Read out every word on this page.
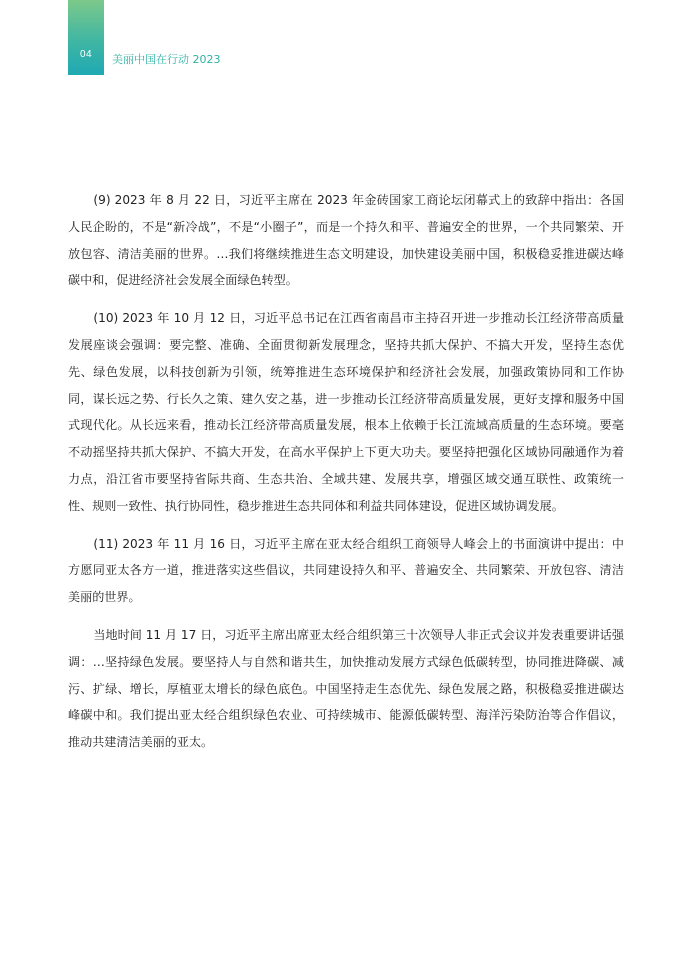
04	美丽中国在行动 2023

(9) 2023 年 8 月 22 日，习近平主席在 2023 年金砖国家工商论坛闭幕式上的致辞中指出：各国人民企盼的，不是“新冷战”，不是“小圈子”，而是一个持久和平、普遍安全的世界，一个共同繁荣、开放包容、清洁美丽的世界。…我们将继续推进生态文明建设，加快建设美丽中国，积极稳妥推进碳达峰碳中和，促进经济社会发展全面绿色转型。

(10) 2023 年 10 月 12 日，习近平总书记在江西省南昌市主持召开进一步推动长江经济带高质量发展座谈会强调：要完整、准确、全面贯彻新发展理念，坚持共抓大保护、不搞大开发，坚持生态优先、绿色发展，以科技创新为引领，统筹推进生态环境保护和经济社会发展，加强政策协同和工作协同，谋长远之势、行长久之策、建久安之基，进一步推动长江经济带高质量发展，更好支撑和服务中国式现代化。从长远来看，推动长江经济带高质量发展，根本上依赖于长江流域高质量的生态环境。要毫不动摇坚持共抓大保护、不搞大开发，在高水平保护上下更大功夫。要坚持把强化区域协同融通作为着力点，沿江省市要坚持省际共商、生态共治、全域共建、发展共享，增强区域交通互联性、政策统一性、规则一致性、执行协同性，稳步推进生态共同体和利益共同体建设，促进区域协调发展。

(11) 2023 年 11 月 16 日，习近平主席在亚太经合组织工商领导人峰会上的书面演讲中提出：中方愿同亚太各方一道，推进落实这些倡议，共同建设持久和平、普遍安全、共同繁荣、开放包容、清洁美丽的世界。

当地时间 11 月 17 日，习近平主席出席亚太经合组织第三十次领导人非正式会议并发表重要讲话强调：…坚持绿色发展。要坚持人与自然和谐共生，加快推动发展方式绿色低碳转型，协同推进降碳、减污、扩绿、增长，厚植亚太增长的绿色底色。中国坚持走生态优先、绿色发展之路，积极稳妥推进碳达峰碳中和。我们提出亚太经合组织绿色农业、可持续城市、能源低碳转型、海洋污染防治等合作倡议，推动共建清洁美丽的亚太。
